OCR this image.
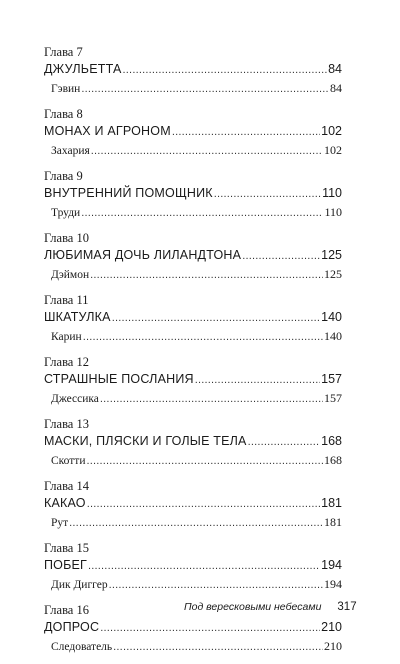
Глава 7
ДЖУЛЬЕТТА .....	84
Гэвин .....	84
Глава 8
МОНАХ И АГРОНОМ .....	102
Захария .....	102
Глава 9
ВНУТРЕННИЙ ПОМОЩНИК .....	110
Труди .....	110
Глава 10
ЛЮБИМАЯ ДОЧЬ ЛИЛАНДТОНА .....	125
Дэймон .....	125
Глава 11
ШКАТУЛКА .....	140
Карин .....	140
Глава 12
СТРАШНЫЕ ПОСЛАНИЯ .....	157
Джессика .....	157
Глава 13
МАСКИ, ПЛЯСКИ И ГОЛЫЕ ТЕЛА .....	168
Скотти .....	168
Глава 14
КАКАО .....	181
Рут .....	181
Глава 15
ПОБЕГ .....	194
Дик Диггер .....	194
Глава 16
ДОПРОС .....	210
Следователь .....	210
Под вересковыми небесами 317
